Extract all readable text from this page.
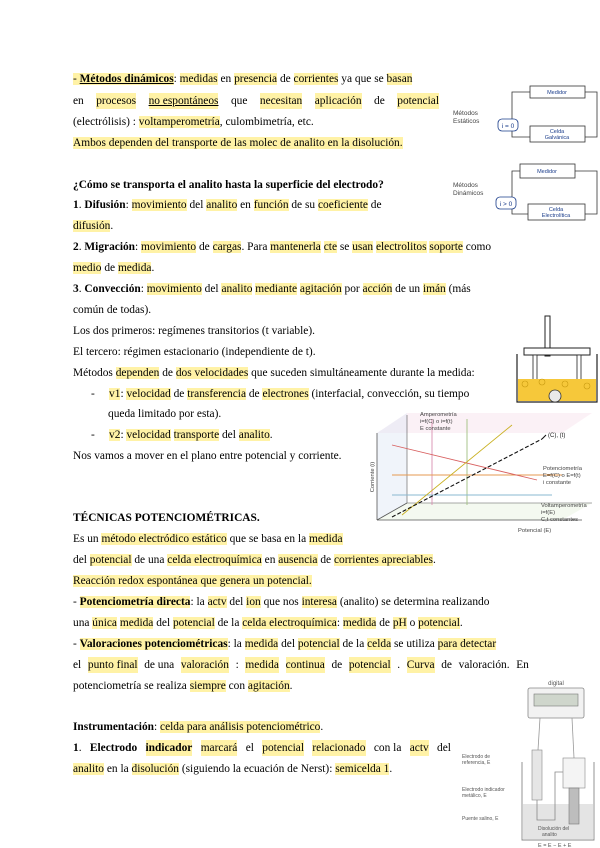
- Métodos dinámicos: medidas en presencia de corrientes ya que se basan
en procesos no espontáneos que necesitan aplicación de potencial
(electrólisis) : voltamperometría, culombimetría, etc.
Ambos dependen del transporte de las molec de analito en la disolución.
¿Cómo se transporta el analito hasta la superficie del electrodo?
1. Difusión: movimiento del analito en función de su coeficiente de
difusión.
2. Migración: movimiento de cargas. Para mantenerla cte se usan electrolitos soporte como
medio de medida.
3. Convección: movimiento del analito mediante agitación por acción de un imán (más
común de todas).
Los dos primeros: regímenes transitorios (t variable).
El tercero: régimen estacionario (independiente de t).
Métodos dependen de dos velocidades que suceden simultáneamente durante la medida:
- v1: velocidad de transferencia de electrones (interfacial, convección, su tiempo
queda limitado por esta).
- v2: velocidad transporte del analito.
Nos vamos a mover en el plano entre potencial y corriente.
TÉCNICAS POTENCIOMÉTRICAS.
Es un método electródico estático que se basa en la medida
del potencial de una celda electroquímica en ausencia de corrientes apreciables.
Reacción redox espontánea que genera un potencial.
- Potenciometría directa: la actv del ion que nos interesa (analito) se determina realizando
una única medida del potencial de la celda electroquímica: medida de pH o potencial.
- Valoraciones potenciométricas: la medida del potencial de la celda se utiliza para detectar
el punto final de una valoración : medida continua de potencial . Curva de valoración. En
potenciometría se realiza siempre con agitación.
Instrumentación: celda para análisis potenciométrico.
1. Electrodo indicador marcará el potencial relacionado con la actv del
analito en la disolución (siguiendo la ecuación de Nerst): semicelda 1.
Métodos
Estáticos
Medidor
Celda
Galvánica
i = 0
Métodos
Dinámicos
Medidor
Celda
Electrolítica
i > 0
(C), (t)
Amperometría
i=f(C) o i=f(t)
E constante
Potenciometría
E=f(C) o E=f(t)
i constante
Voltamperometría
i=f(E)
C,t constantes
Corriente (i)
Potencial (E)
digital
Electrodo de
referencia, E
Electrodo indicador
metálico, E
Puente salino, E
Disolución del
analito
E = E − E + E
